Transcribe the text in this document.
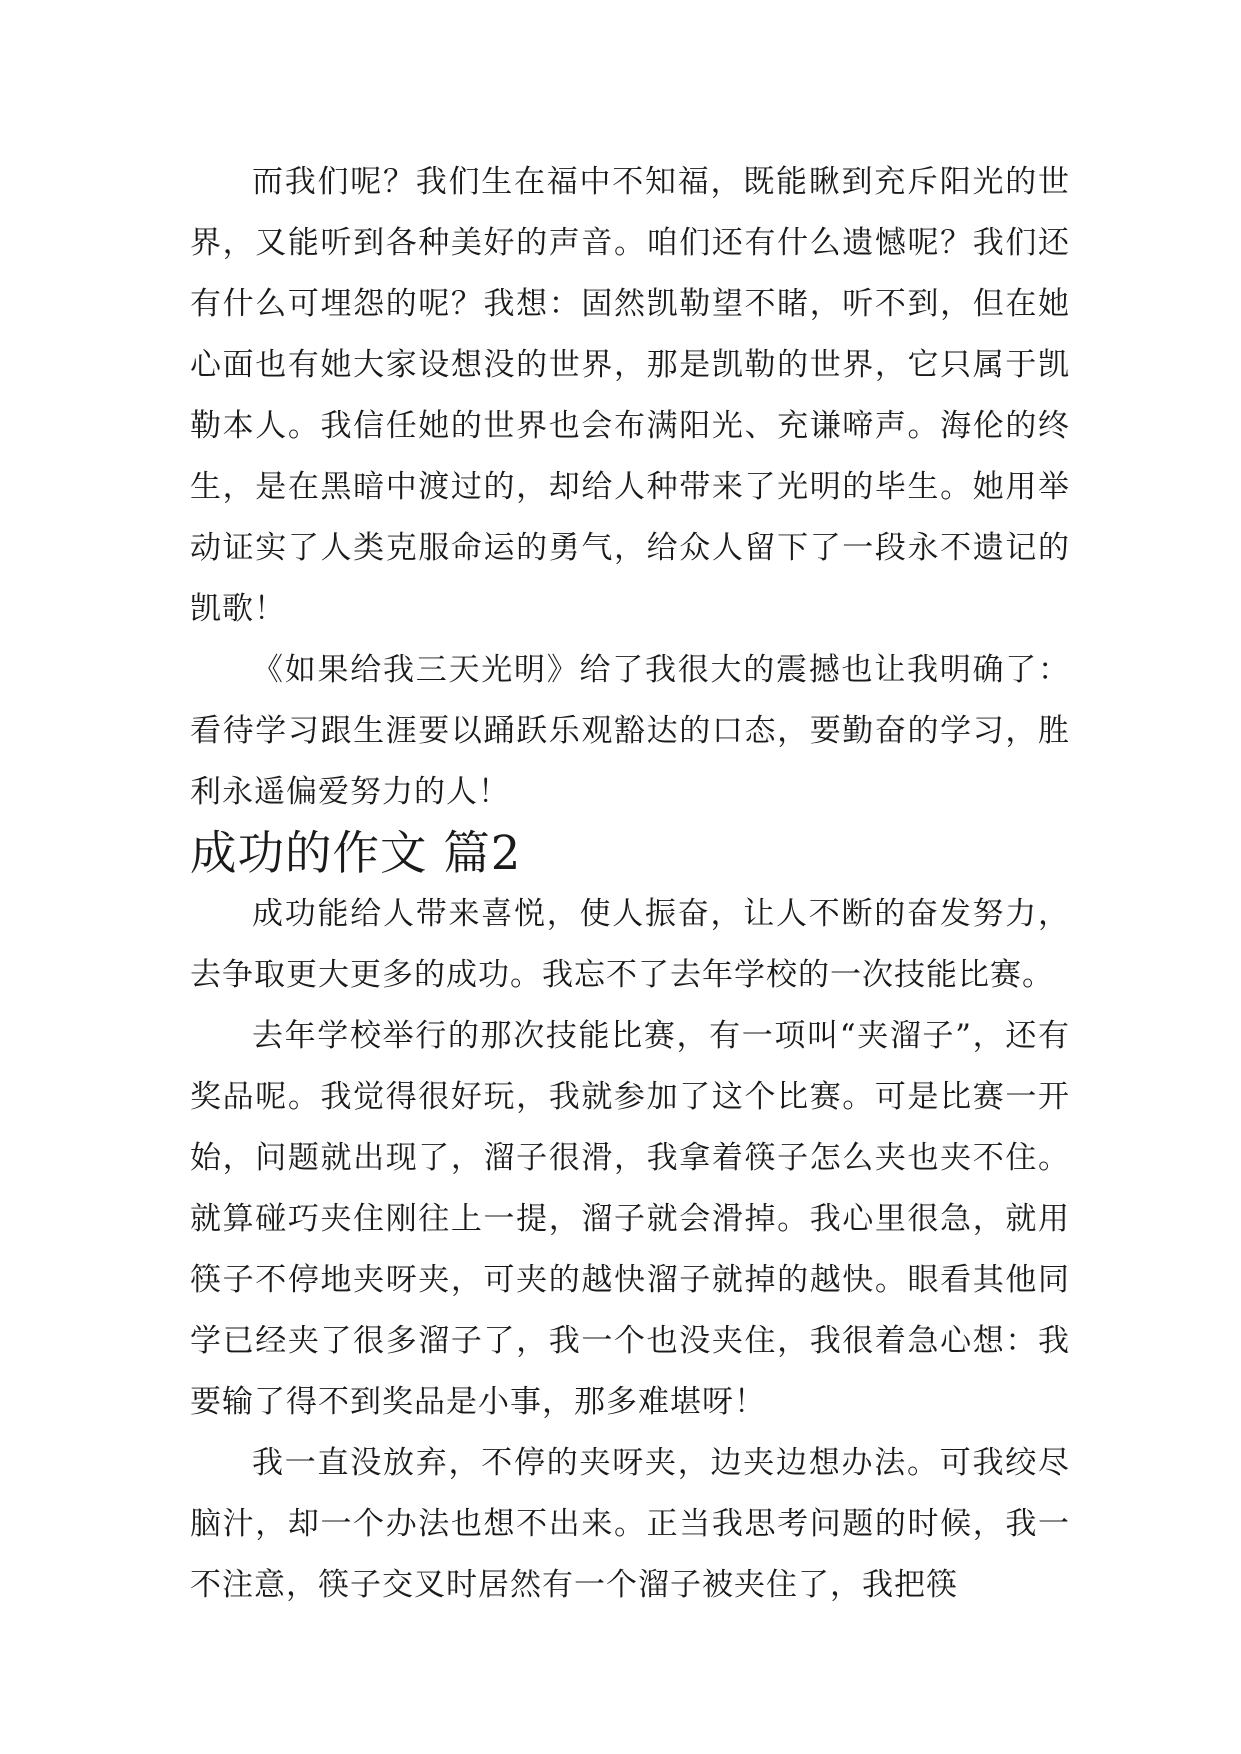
而我们呢？我们生在福中不知福，既能瞅到充斥阳光的世界，又能听到各种美好的声音。咱们还有什么遗憾呢？我们还有什么可埋怨的呢？我想：固然凯勒望不睹，听不到，但在她心面也有她大家设想没的世界，那是凯勒的世界，它只属于凯勒本人。我信任她的世界也会布满阳光、充谦啼声。海伦的终生，是在黑暗中渡过的，却给人种带来了光明的毕生。她用举动证实了人类克服命运的勇气，给众人留下了一段永不遗记的凯歌！

《如果给我三天光明》给了我很大的震撼也让我明确了：看待学习跟生涯要以踊跃乐观豁达的口态，要勤奋的学习，胜利永遥偏爱努力的人！

成功的作文 篇2

成功能给人带来喜悦，使人振奋，让人不断的奋发努力，去争取更大更多的成功。我忘不了去年学校的一次技能比赛。

去年学校举行的那次技能比赛，有一项叫“夹溜子”，还有奖品呢。我觉得很好玩，我就参加了这个比赛。可是比赛一开始，问题就出现了，溜子很滑，我拿着筷子怎么夹也夹不住。就算碰巧夹住刚往上一提，溜子就会滑掉。我心里很急，就用筷子不停地夹呀夹，可夹的越快溜子就掉的越快。眼看其他同学已经夹了很多溜子了，我一个也没夹住，我很着急心想：我要输了得不到奖品是小事，那多难堪呀！

我一直没放弃，不停的夹呀夹，边夹边想办法。可我绞尽脑汁，却一个办法也想不出来。正当我思考问题的时候，我一不注意，筷子交叉时居然有一个溜子被夹住了，我把筷
